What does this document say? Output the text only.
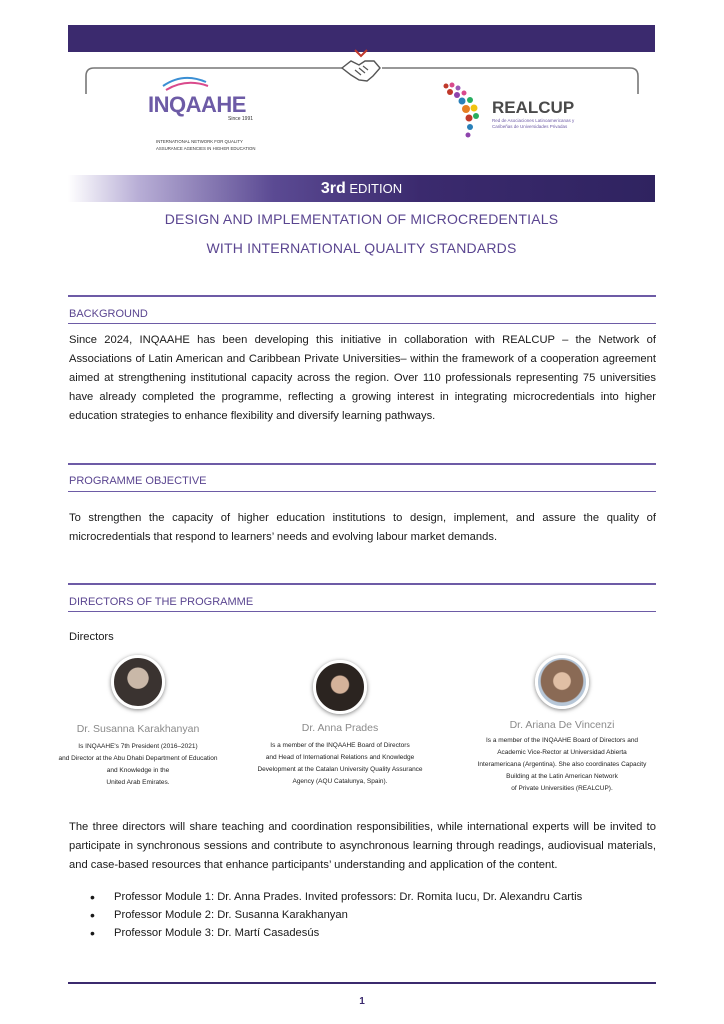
INQAAHE
Since 1991
INTERNATIONAL NETWORK FOR QUALITY
ASSURANCE AGENCIES IN HIGHER EDUCATION
REALCUP
Red de Asociaciones Latinoamericanas y
Caribeñas de Universidades Privadas
3rd EDITION
DESIGN AND IMPLEMENTATION OF MICROCREDENTIALS
WITH INTERNATIONAL QUALITY STANDARDS
BACKGROUND
Since 2024, INQAAHE has been developing this initiative in collaboration with REALCUP – the Network of Associations of Latin American and Caribbean Private Universities– within the framework of a cooperation agreement aimed at strengthening institutional capacity across the region. Over 110 professionals representing 75 universities have already completed the programme, reflecting a growing interest in integrating microcredentials into higher education strategies to enhance flexibility and diversify learning pathways.
PROGRAMME OBJECTIVE
To strengthen the capacity of higher education institutions to design, implement, and assure the quality of microcredentials that respond to learners’ needs and evolving labour market demands.
DIRECTORS OF THE PROGRAMME
Directors
Dr. Susanna Karakhanyan
Is INQAAHE's 7th President (2016–2021)
and Director at the Abu Dhabi Department of Education
and Knowledge in the
United Arab Emirates.
Dr. Anna Prades
Is a member of the INQAAHE Board of Directors
and Head of International Relations and Knowledge
Development at the Catalan University Quality Assurance
Agency (AQU Catalunya, Spain).
Dr. Ariana De Vincenzi
Is a member of the INQAAHE Board of Directors and
Academic Vice-Rector at Universidad Abierta
Interamericana (Argentina). She also coordinates Capacity
Building at the Latin American Network
of Private Universities (REALCUP).
The three directors will share teaching and coordination responsibilities, while international experts will be invited to participate in synchronous sessions and contribute to asynchronous learning through readings, audiovisual materials, and case-based resources that enhance participants’ understanding and application of the content.
• Professor Module 1: Dr. Anna Prades. Invited professors: Dr. Romita Iucu, Dr. Alexandru Cartis
• Professor Module 2: Dr. Susanna Karakhanyan
• Professor Module 3: Dr. Martí Casadesús
1
